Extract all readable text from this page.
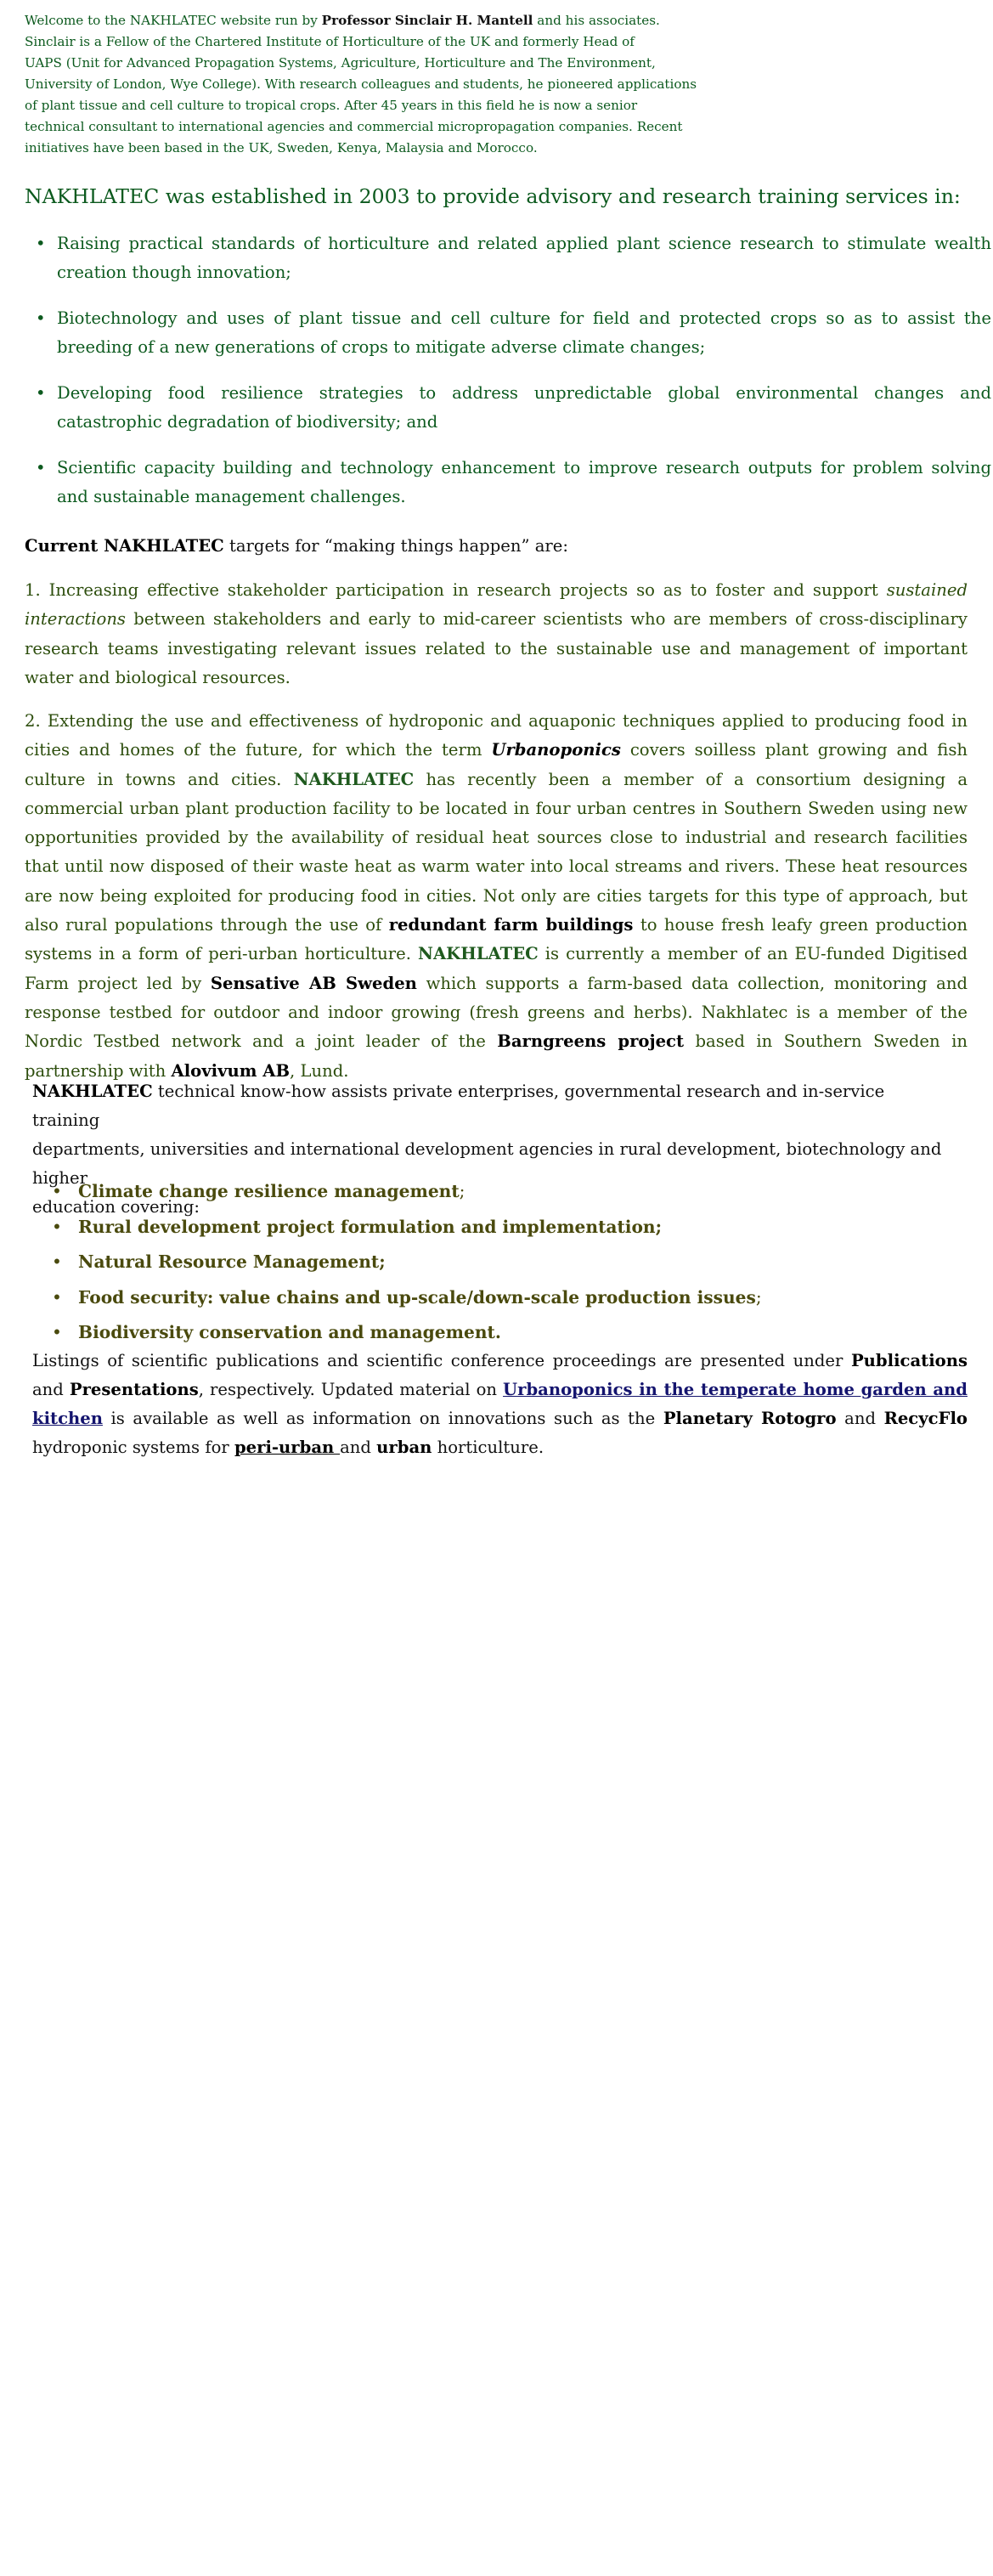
Welcome to the NAKHLATEC website run by Professor Sinclair H. Mantell and his associates.
Sinclair is a Fellow of the Chartered Institute of Horticulture of the UK and formerly Head of
UAPS (Unit for Advanced Propagation Systems, Agriculture, Horticulture and The Environment,
University of London, Wye College). With research colleagues and students, he pioneered applications
of plant tissue and cell culture to tropical crops. After 45 years in this field he is now a senior
technical consultant to international agencies and commercial micropropagation companies. Recent
initiatives have been based in the UK, Sweden, Kenya, Malaysia and Morocco.

NAKHLATEC was established in 2003 to provide advisory and research training services in:

• Raising practical standards of horticulture and related applied plant science research to stimulate wealth creation though innovation;
• Biotechnology and uses of plant tissue and cell culture for field and protected crops so as to assist the breeding of a new generations of crops to mitigate adverse climate changes;
• Developing food resilience strategies to address unpredictable global environmental changes and catastrophic degradation of biodiversity; and
• Scientific capacity building and technology enhancement to improve research outputs for problem solving and sustainable management challenges.

Current NAKHLATEC targets for “making things happen” are:

1. Increasing effective stakeholder participation in research projects so as to foster and support sustained interactions between stakeholders and early to mid-career scientists who are members of cross-disciplinary research teams investigating relevant issues related to the sustainable use and management of important water and biological resources.

2. Extending the use and effectiveness of hydroponic and aquaponic techniques applied to producing food in cities and homes of the future, for which the term Urbanoponics covers soilless plant growing and fish culture in towns and cities. NAKHLATEC has recently been a member of a consortium designing a commercial urban plant production facility to be located in four urban centres in Southern Sweden using new opportunities provided by the availability of residual heat sources close to industrial and research facilities that until now disposed of their waste heat as warm water into local streams and rivers. These heat resources are now being exploited for producing food in cities. Not only are cities targets for this type of approach, but also rural populations through the use of redundant farm buildings to house fresh leafy green production systems in a form of peri-urban horticulture. NAKHLATEC is currently a member of an EU-funded Digitised Farm project led by Sensative AB Sweden which supports a farm-based data collection, monitoring and response testbed for outdoor and indoor growing (fresh greens and herbs). Nakhlatec is a member of the Nordic Testbed network and a joint leader of the Barngreens project based in Southern Sweden in partnership with Alovivum AB, Lund.

NAKHLATEC technical know-how assists private enterprises, governmental research and in-service training
departments, universities and international development agencies in rural development, biotechnology and higher
education covering:

• Climate change resilience management;
• Rural development project formulation and implementation;
• Natural Resource Management;
• Food security: value chains and up-scale/down-scale production issues;
• Biodiversity conservation and management.

Listings of scientific publications and scientific conference proceedings are presented under Publications and Presentations, respectively. Updated material on Urbanoponics in the temperate home garden and kitchen is available as well as information on innovations such as the Planetary Rotogro and RecycFlo hydroponic systems for peri-urban and urban horticulture.
